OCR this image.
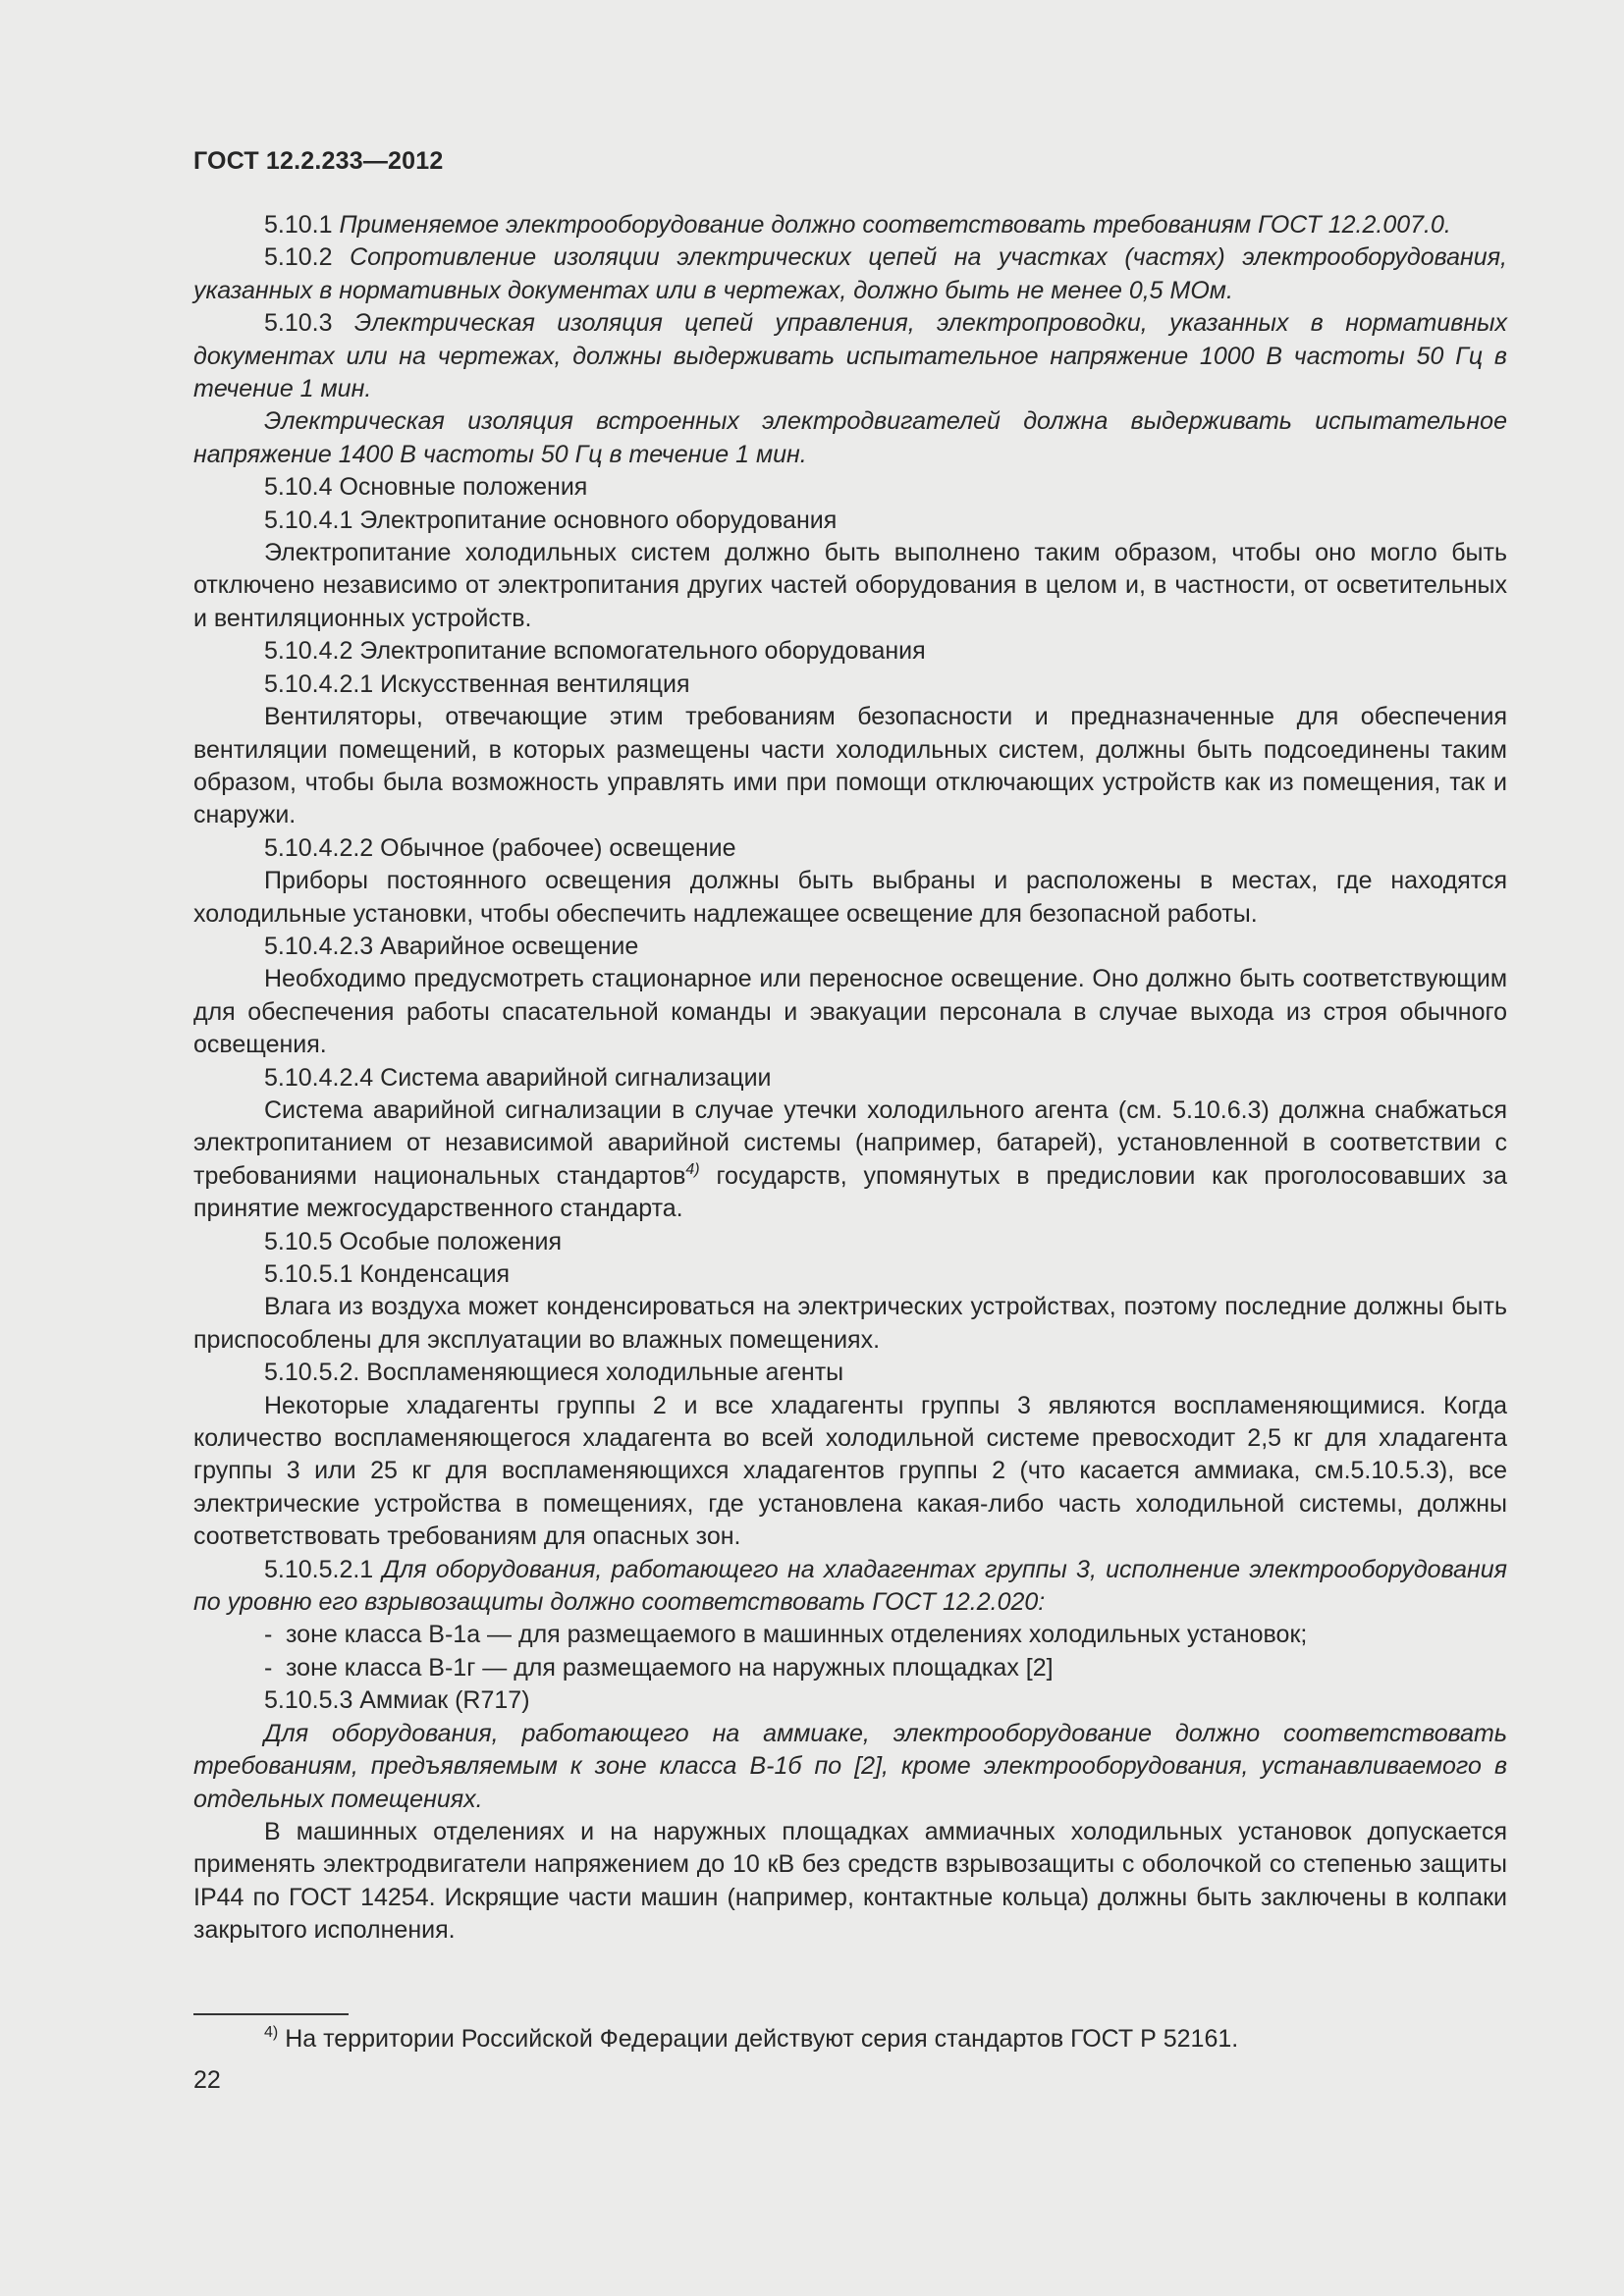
ГОСТ 12.2.233—2012

5.10.1 Применяемое электрооборудование должно соответствовать требованиям ГОСТ 12.2.007.0.

5.10.2 Сопротивление изоляции электрических цепей на участках (частях) электрооборудования, указанных в нормативных документах или в чертежах, должно быть не менее 0,5 МОм.

5.10.3 Электрическая изоляция цепей управления, электропроводки, указанных в нормативных документах или на чертежах, должны выдерживать испытательное напряжение 1000 В частоты 50 Гц в течение 1 мин.

Электрическая изоляция встроенных электродвигателей должна выдерживать испытательное напряжение 1400 В частоты 50 Гц в течение 1 мин.

5.10.4 Основные положения

5.10.4.1 Электропитание основного оборудования

Электропитание холодильных систем должно быть выполнено таким образом, чтобы оно могло быть отключено независимо от электропитания других частей оборудования в целом и, в частности, от осветительных и вентиляционных устройств.

5.10.4.2 Электропитание вспомогательного оборудования

5.10.4.2.1 Искусственная вентиляция

Вентиляторы, отвечающие этим требованиям безопасности и предназначенные для обеспечения вентиляции помещений, в которых размещены части холодильных систем, должны быть подсоединены таким образом, чтобы была возможность управлять ими при помощи отключающих устройств как из помещения, так и снаружи.

5.10.4.2.2 Обычное (рабочее) освещение

Приборы постоянного освещения должны быть выбраны и расположены в местах, где находятся холодильные установки, чтобы обеспечить надлежащее освещение для безопасной работы.

5.10.4.2.3 Аварийное освещение

Необходимо предусмотреть стационарное или переносное освещение. Оно должно быть соответствующим для обеспечения работы спасательной команды и эвакуации персонала в случае выхода из строя обычного освещения.

5.10.4.2.4 Система аварийной сигнализации

Система аварийной сигнализации в случае утечки холодильного агента (см. 5.10.6.3) должна снабжаться электропитанием от независимой аварийной системы (например, батарей), установленной в соответствии с требованиями национальных стандартов$^{4)}$ государств, упомянутых в предисловии как проголосовавших за принятие межгосударственного стандарта.

5.10.5 Особые положения

5.10.5.1 Конденсация

Влага из воздуха может конденсироваться на электрических устройствах, поэтому последние должны быть приспособлены для эксплуатации во влажных помещениях.

5.10.5.2. Воспламеняющиеся холодильные агенты

Некоторые хладагенты группы 2 и все хладагенты группы 3 являются воспламеняющимися. Когда количество воспламеняющегося хладагента во всей холодильной системе превосходит 2,5 кг для хладагента группы 3 или 25 кг для воспламеняющихся хладагентов группы 2 (что касается аммиака, см.5.10.5.3), все электрические устройства в помещениях, где установлена какая-либо часть холодильной системы, должны соответствовать требованиям для опасных зон.

5.10.5.2.1 Для оборудования, работающего на хладагентах группы 3, исполнение электрооборудования по уровню его взрывозащиты должно соответствовать ГОСТ 12.2.020:

- зоне класса В-1а — для размещаемого в машинных отделениях холодильных установок;

- зоне класса В-1г — для размещаемого на наружных площадках [2]

5.10.5.3 Аммиак (R717)

Для оборудования, работающего на аммиаке, электрооборудование должно соответствовать требованиям, предъявляемым к зоне класса В-1б по [2], кроме электрооборудования, устанавливаемого в отдельных помещениях.

В машинных отделениях и на наружных площадках аммиачных холодильных установок допускается применять электродвигатели напряжением до 10 кВ без средств взрывозащиты с оболочкой со степенью защиты IP44 по ГОСТ 14254. Искрящие части машин (например, контактные кольца) должны быть заключены в колпаки закрытого исполнения.

$^{4)}$ На территории Российской Федерации действуют серия стандартов ГОСТ Р 52161.
22
